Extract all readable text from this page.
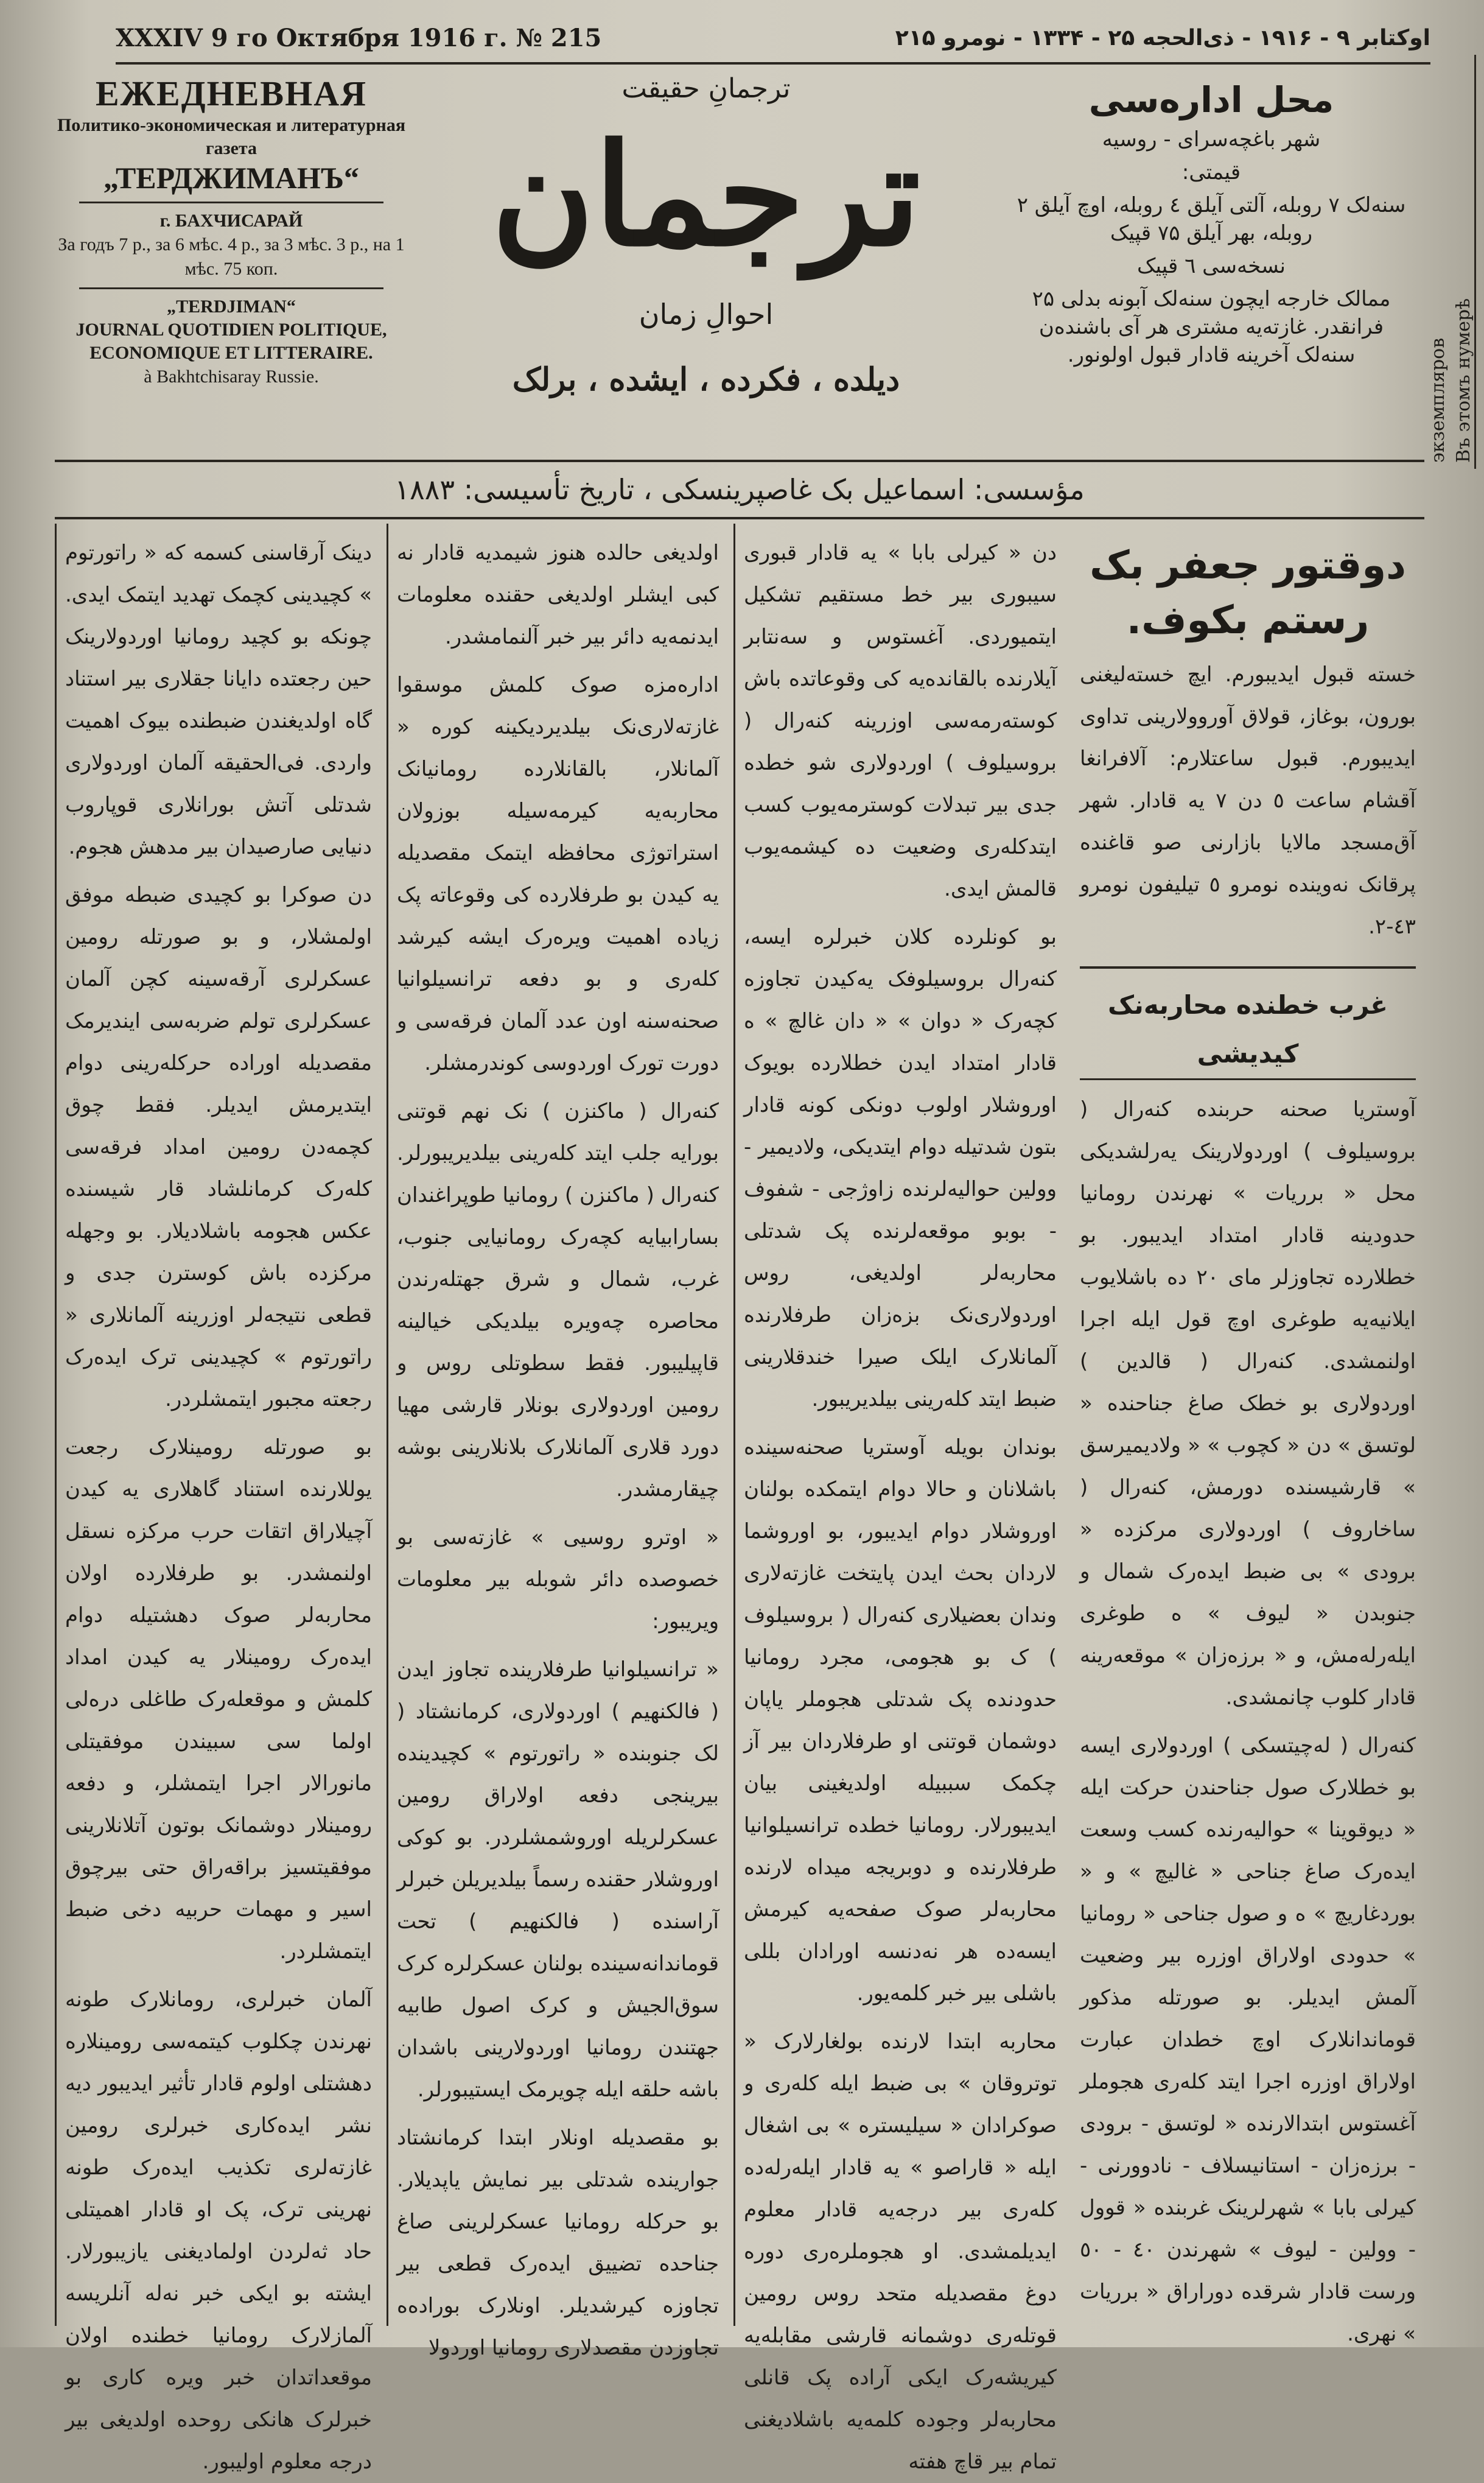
XXXIV 9 го Октября 1916 г. № 215	اوکتابر ۹ - ۱۹۱۶ - ذى‌الحجه ۲۵ - ۱۳۳۴ - نومرو ۲۱۵
экземпляров Въ этомъ нумерѣ
ЕЖЕДНЕВНАЯ
Политико-экономическая и литературная газета
„ТЕРДЖИМАНЪ“
г. БАХЧИСАРАЙ
За годъ 7 р., за 6 мѣс. 4 р., за 3 мѣс. 3 р., на 1 мѣс. 75 коп.
„TERDJIMAN“
JOURNAL QUOTIDIEN POLITIQUE, ECONOMIQUE ET LITTERAIRE.
à Bakhtchisaray Russie.
ترجمانِ حقیقت
ترجمان
احوالِ زمان
دیلده ، فکرده ، ایشده ، برلک
محل اداره‌سی

شهر باغچه‌سرای - روسیه

قیمتی:

سنه‌لک ۷ روبله، آلتی آیلق ٤ روبله، اوچ آیلق ۲ روبله، بهر آیلق ۷۵ قپیک

نسخه‌سی ٦ قپیک

ممالک خارجه ایچون سنه‌لک آبونه بدلی ۲۵ فرانقدر. غازته‌یه مشتری هر آی باشنده‌ن سنه‌لک آخرینه قادار قبول اولونور.

مؤسسی: اسماعیل بک غاصپرینسکی ، تاریخ تأسیسی: ۱۸۸۳

دینک آرقاسنی کسمه که « راتورتوم » کچیدینی کچمک تهدید ایتمک ایدی. چونکه بو کچید رومانیا اوردولارینک حین رجعتده دایانا جقلاری بیر استناد گاه اولدیغندن ضبطنده بیوک اهمیت واردی. فی‌الحقیقه آلمان اوردولاری شدتلی آتش بورانلاری قوپاروب دنیایی صارصیدان بیر مدهش هجوم.

دن صوکرا بو کچیدی ضبطه موفق اولمشلار، و بو صورتله رومین عسکرلری آرقه‌سینه کچن آلمان عسکرلری تولم ضربه‌سی ایندیرمک مقصدیله اوراده حرکله‌رینی دوام ایتدیرمش ایدیلر. فقط چوق کچمه‌دن رومین امداد فرقه‌سی کله‌رک کرمانلشاد قار شیسنده عکس هجومه باشلادیلار. بو وجهله مرکزده باش کوسترن جدی و قطعی نتیجه‌لر اوزرینه آلمانلاری « راتورتوم » کچیدینی ترک ایده‌رک رجعته مجبور ایتمشلردر.

بو صورتله رومینلارک رجعت یوللارنده استناد گاهلاری یه کیدن آچیلا‌راق اتقات حرب مرکزه نسقل اولنمشدر. بو طرفلارده اولان محاربه‌لر صوک دهشتیله دوام ایده‌رک رومینلار یه کیدن امداد کلمش و موقعله‌رک طاغلی دره‌لی اولما سی سبیندن موفقیتلی مانورالار اجرا ایتمشلر، و دفعه رومینلار دوشمانک بوتون آتلانلارینی موفقیتسیز براقه‌راق حتی بیرچوق اسیر و مهمات حربیه دخی ضبط ایتمشلردر.

آلمان خبرلری، رومانلارک طونه نهرندن چکلوب کیتمه‌سی رومینلاره دهشتلی اولوم قادار تأثیر ایدیبور دیه نشر ایده‌کاری خبرلری رومین غازته‌لری تکذیب ایده‌رک طونه نهرینی ترک، پک او قادار اهمیتلی حاد ثه‌لردن اولمادیغنی یازیبورلار. ایشته بو ایکی خبر نه‌له آنلریسه آلمازلارک رومانیا خطنده اولان موقعداتدان خبر ویره کاری بو خبرلرک هانکی روحده اولدیغی بیر درجه معلوم اولیبور.

اولدیغی حالده هنوز شیمدیه قادار نه کبی ایشلر اولدیغی حقنده معلومات ایدنمه‌یه دائر بیر خبر آلنمامشدر.

اداره‌مزه صوک کلمش موسقوا غازته‌لاری‌نک بیلدیردیکینه کوره « آلمانلار، بالقانلارده رومانیا‌نک محاربه‌یه کیرمه‌سیله بوزولان استراتوژی محافظه ایتمک مقصدیله یه کیدن بو طرفلارده کی وقوعاته پک زیاده اهمیت ویره‌رک ایشه کیرشد کله‌ری و بو دفعه ترانسیلوانیا صحنه‌سنه اون عدد آلمان فرقه‌سی و دورت تورک اوردوسی کوندرمشلر.

کنه‌رال ( ماکنزن ) نک نهم قوتنی بورایه جلب ایتد کله‌رینی بیلدیریبورلر. کنه‌رال ( ماکنزن ) رومانیا طوپراغندان بسارابیایه کچه‌رک رومانیایی جنوب، غرب، شمال و شرق جهتله‌رندن محاصره چه‌ویره بیلدیکی خیالینه قاپیلیبور. فقط سطوتلی روس و رومین اوردولاری بونلار قارشی مهیا دورد قلاری آلمانلارک بلانلارینی بوشه چیقارمشدر.

« اوترو روسیی » غازته‌سی بو خصوصده دائر شوبله بیر معلومات ویریبور:

« ترانسیلوانیا طرفلارینده تجاوز ایدن ( فالکنهیم ) اوردولاری، کرمانشتاد ( لک جنوبنده « راتورتوم » کچیدینده بیرینجی دفعه اولاراق رومین عسکرلریله اوروشمشلردر. بو کوکی اوروشلار حقنده رسماً بیلدیریلن خبرلر آراسنده ( فالکنهیم ) تحت قوماندانه‌سینده بولنان عسکرلره کرک سوق‌الجیش و کرک اصول طابیه جهتندن رومانیا اوردولارینی باشدان باشه حلقه ایله چویرمک ایستیبورلر.

بو مقصدیله اونلار ابتدا کرمانشتاد جوارینده شدتلی بیر نمایش یاپدیلار. بو حرکله رومانیا عسکرلرینی صاغ جناحده تضییق ایده‌رک قطعی بیر تجاوزه کیرشدیلر. اونلارک بوراده‌ه تجاوزدن مقصدلاری رومانیا اوردولا

دن « کیرلی بابا » یه قادار قبوری سیبوری بیر خط مستقیم تشکیل ایتمیوردی. آغستوس و سه‌نتابر آیلارنده بالقانده‌یه کی وقوعاتده باش کوسته‌رمه‌سی اوزرینه کنه‌رال ( بروسیلوف ) اوردولاری شو خطده جدی بیر تبدلات کوسترمه‌یوب کسب ایتدکله‌ری وضعیت ده کیشمه‌یوب قالمش ایدی.

بو کونلرده کلان خبرلره ایسه، کنه‌رال بروسیلوفک یه‌کیدن تجاوزه کچه‌رک « دوان » « دان غالچ » ه قادار امتداد ایدن خطلارده بویوک اوروشلار اولوب دونکی کونه قادار بتون شدتیله دوام ایتدیکی، ولادیمیر - وولین حوالیه‌لرنده زاوژجی - شفوف - بوبو موقعه‌لرنده پک شدتلی محاربه‌لر اولدیغی، روس اوردولاری‌نک بزه‌زان طرفلارنده آلمانلارک ایلک صیرا خندقلارینی ضبط ایتد کله‌رینی بیلدیریبور.

بوندان بویله آوستریا صحنه‌سینده باشلانان و حالا دوام ایتمکده بولنان اوروشلار دوام ایدیبور، بو اوروشما لاردان بحث ایدن پایتخت غازته‌لاری وندان بعضیلاری کنه‌رال ( بروسیلوف ) ک بو هجومی، مجرد رومانیا حدودنده پک شدتلی هجوملر یاپان دوشمان قوتنی او طرفلاردان بیر آز چکمک سببیله اولدیغینی بیان ایدیبورلار. رومانیا خطده ترانسیلوانیا طرفلارنده و دوبریجه میداه لارنده محاربه‌لر صوک صفحه‌یه کیرمش ایسه‌ده هر نه‌دنسه اورادان بللی باشلی بیر خبر کلمه‌یور.

محاربه ابتدا لارنده بولغارلارک « توتروقان » بی ضبط ایله کله‌ری و صوکرادان « سیلیستره » بی اشغال ایله « قاراصو » یه قادار ایله‌رله‌ده کله‌ری بیر درجه‌یه قادار معلوم ایدیلمشدی. او هجوملره‌ری دوره دوغ مقصدیله متحد روس رومین قوتله‌ری دوشمانه قارشی مقابله‌یه کیریشه‌رک ایکی آراده پک قانلی محاربه‌لر وجوده کلمه‌یه باشلادیغنی تمام بیر قاچ هفته

دوقتور جعفر بک رستم بکوف.

خسته قبول ایدیبورم. ایچ خسته‌لیغنی بورون، بوغاز، قولاق آوروولارینی تداوی ایدیبورم. قبول ساعتلارم: آلافرانغا آقشام ساعت ٥ دن ۷ یه قادار. شهر آق‌مسجد مالایا بازارنی صو قاغنده پرقانک نه‌وینده نومرو ٥ تیلیفون نومرو ٤٣-٢.

غرب خطنده محاربه‌نک کیدیشی

آوستریا صحنه حربنده کنه‌رال ( بروسیلوف ) اوردولارینک یه‌رلشدیکی محل « برریات » نهرندن رومانیا حدودینه قادار امتداد ایدیبور. بو خطلارده تجاوزلر مای ۲۰ ده باشلایوب ایلانیه‌یه طوغری اوچ قول ایله اجرا اولنمشدی. کنه‌رال ( قالدین ) اوردولاری بو خطک صاغ جناحنده « لوتسق » دن « کچوب » « ولادیمیرسق » قارشیسنده دورمش، کنه‌رال ( ساخاروف ) اوردولاری مرکزده « برودی » بی ضبط ایده‌رک شمال و جنوبدن « لیوف » ه طوغری ایله‌رله‌مش، و « برزه‌زان » موقعه‌رینه قادار کلوب چانمشدی.

کنه‌رال ( له‌چیتسکی ) اوردولاری ایسه بو خطلارک صول جناحندن حرکت ایله « دیوقوینا » حوالیه‌رنده کسب وسعت ایده‌رک صاغ جناحی « غالیچ » و « بوردغاریچ » ه و صول جناحی « رومانیا » حدودی اولاراق اوزره بیر وضعیت آلمش ایدیلر. بو صورتله مذکور قوماندانلارک اوچ خطدان عبارت اولاراق اوزره اجرا ایتد کله‌ری هجوملر آغستوس ابتدالارنده « لوتسق - برودی - برزه‌زان - استانیسلاف - نادوورنی - کیرلی بابا » شهرلرینک غربنده « قوول - وولین - لیوف » شهرندن ٤٠ - ٥٠ ورست قادار شرقده دوراراق « برریات » نهری.
